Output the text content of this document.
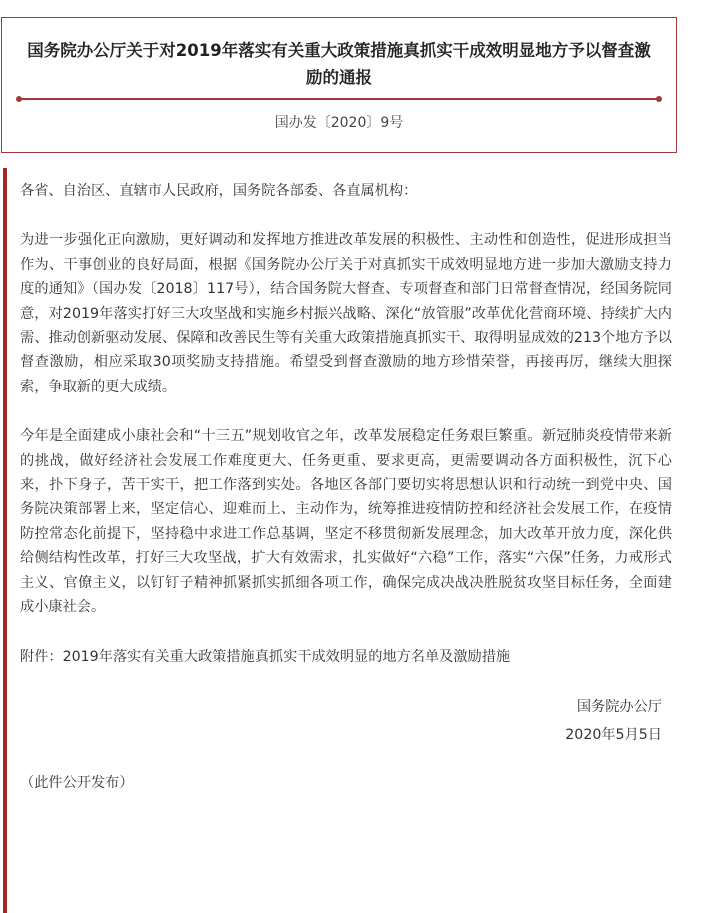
国务院办公厅关于对2019年落实有关重大政策措施真抓实干成效明显地方予以督查激励的通报
国办发〔2020〕9号

各省、自治区、直辖市人民政府，国务院各部委、各直属机构：

为进一步强化正向激励，更好调动和发挥地方推进改革发展的积极性、主动性和创造性，促进形成担当作为、干事创业的良好局面，根据《国务院办公厅关于对真抓实干成效明显地方进一步加大激励支持力度的通知》（国办发〔2018〕117号），结合国务院大督查、专项督查和部门日常督查情况，经国务院同意，对2019年落实打好三大攻坚战和实施乡村振兴战略、深化“放管服”改革优化营商环境、持续扩大内需、推动创新驱动发展、保障和改善民生等有关重大政策措施真抓实干、取得明显成效的213个地方予以督查激励，相应采取30项奖励支持措施。希望受到督查激励的地方珍惜荣誉，再接再厉，继续大胆探索，争取新的更大成绩。

今年是全面建成小康社会和“十三五”规划收官之年，改革发展稳定任务艰巨繁重。新冠肺炎疫情带来新的挑战，做好经济社会发展工作难度更大、任务更重、要求更高，更需要调动各方面积极性，沉下心来，扑下身子，苦干实干，把工作落到实处。各地区各部门要切实将思想认识和行动统一到党中央、国务院决策部署上来，坚定信心、迎难而上、主动作为，统筹推进疫情防控和经济社会发展工作，在疫情防控常态化前提下，坚持稳中求进工作总基调，坚定不移贯彻新发展理念，加大改革开放力度，深化供给侧结构性改革，打好三大攻坚战，扩大有效需求，扎实做好“六稳”工作，落实“六保”任务，力戒形式主义、官僚主义，以钉钉子精神抓紧抓实抓细各项工作，确保完成决战决胜脱贫攻坚目标任务，全面建成小康社会。

附件：2019年落实有关重大政策措施真抓实干成效明显的地方名单及激励措施

国务院办公厅
2020年5月5日

（此件公开发布）
